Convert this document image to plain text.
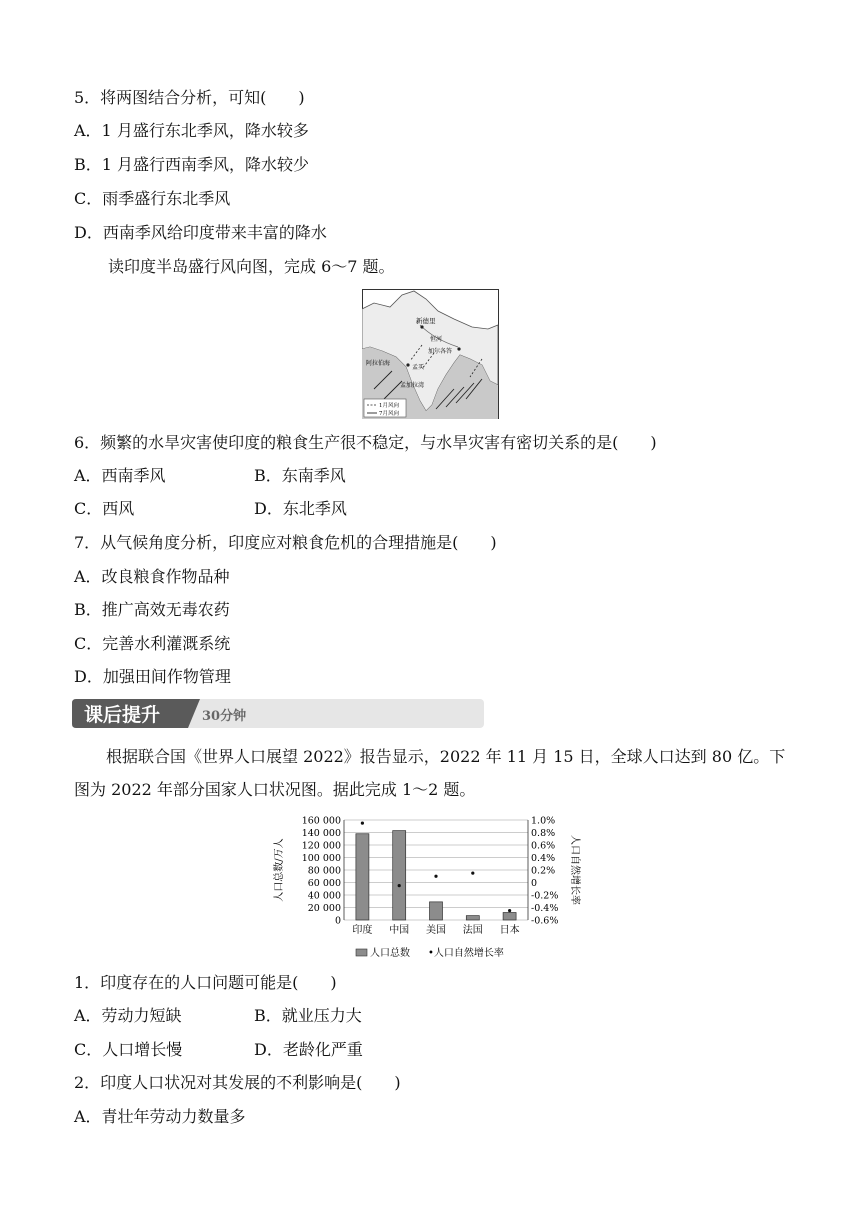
5．将两图结合分析，可知(　　)
A．1 月盛行东北季风，降水较多
B．1 月盛行西南季风，降水较少
C．雨季盛行东北季风
D．西南季风给印度带来丰富的降水
读印度半岛盛行风向图，完成 6～7 题。
新德里
恒河
加尔各答
孟买
阿拉伯海
孟加拉湾
1月风向
7月风向
6．频繁的水旱灾害使印度的粮食生产很不稳定，与水旱灾害有密切关系的是(　　)
A．西南季风	B．东南季风
C．西风	D．东北季风
7．从气候角度分析，印度应对粮食危机的合理措施是(　　)
A．改良粮食作物品种
B．推广高效无毒农药
C．完善水利灌溉系统
D．加强田间作物管理
课后提升	30分钟
根据联合国《世界人口展望 2022》报告显示，2022 年 11 月 15 日，全球人口达到 80 亿。下图为 2022 年部分国家人口状况图。据此完成 1～2 题。
160 000
140 000
120 000
100 000
80 000
60 000
40 000
20 000
0
1.0%
0.8%
0.6%
0.4%
0.2%
0
-0.2%
-0.4%
-0.6%
印度 中国 美国 法国 日本
人口总数/万人	人口自然增长率
人口总数 •人口自然增长率
1．印度存在的人口问题可能是(　　)
A．劳动力短缺	B．就业压力大
C．人口增长慢	D．老龄化严重
2．印度人口状况对其发展的不利影响是(　　)
A．青壮年劳动力数量多
